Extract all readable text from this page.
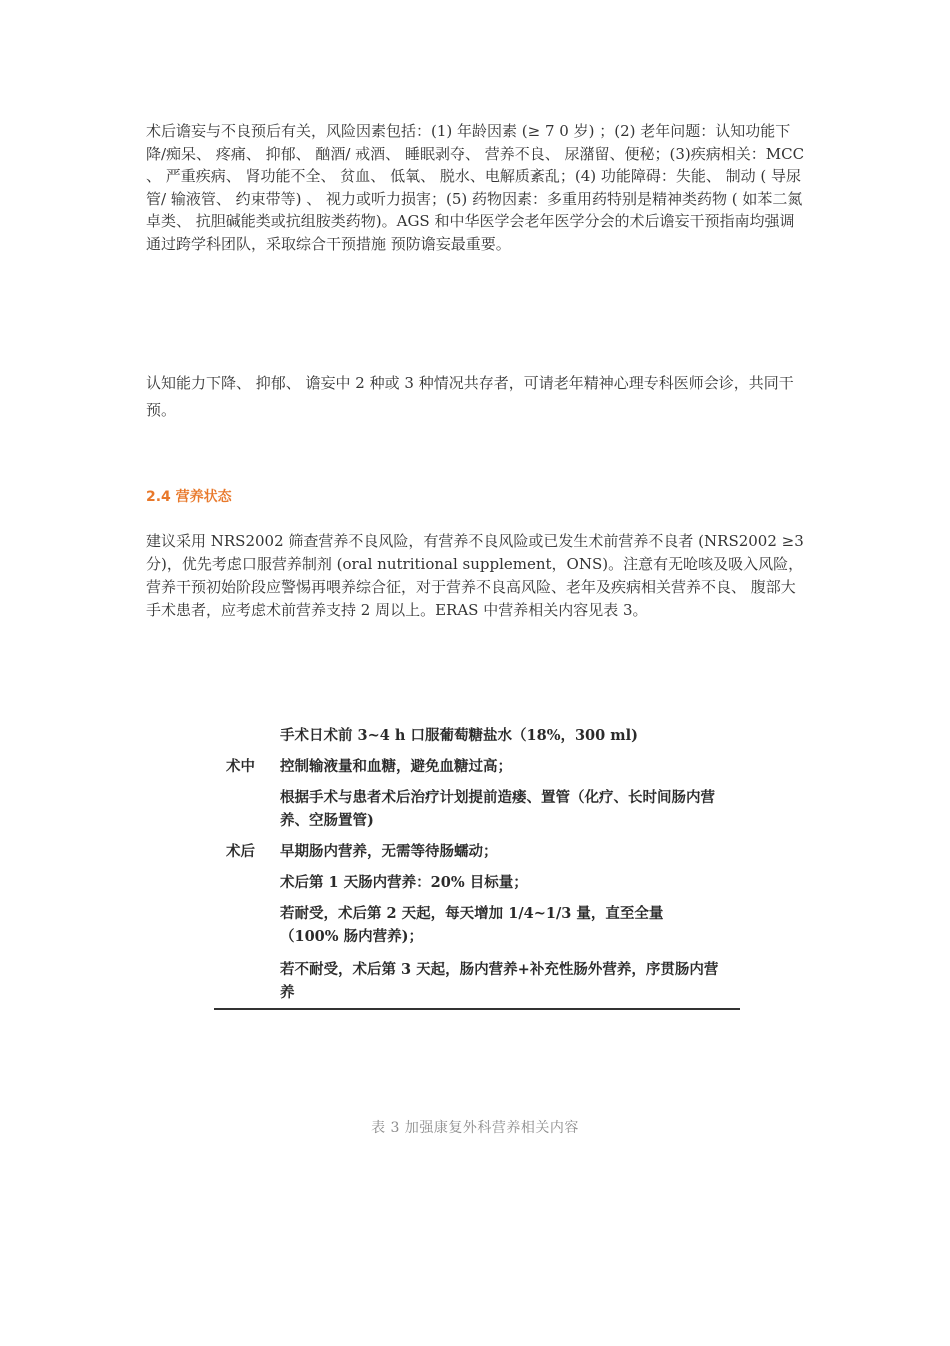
术后谵妄与不良预后有关，风险因素包括：(1) 年龄因素 (≥ 7 0 岁) ；(2) 老年问题：认知功能下降/痴呆、 疼痛、 抑郁、 酗酒/ 戒酒、 睡眠剥夺、 营养不良、 尿潴留、便秘；(3)疾病相关：MCC 、 严重疾病、 肾功能不全、 贫血、 低氧、 脱水、电解质紊乱；(4) 功能障碍：失能、 制动 ( 导尿管/ 输液管、 约束带等) 、 视力或听力损害；(5) 药物因素：多重用药特别是精神类药物 ( 如苯二氮卓类、 抗胆碱能类或抗组胺类药物)。AGS 和中华医学会老年医学分会的术后谵妄干预指南均强调通过跨学科团队，采取综合干预措施 预防谵妄最重要。

认知能力下降、 抑郁、 谵妄中 2 种或 3 种情况共存者，可请老年精神心理专科医师会诊，共同干预。

2.4 营养状态

建议采用 NRS2002 筛查营养不良风险，有营养不良风险或已发生术前营养不良者 (NRS2002 ≥3 分)，优先考虑口服营养制剂 (oral nutritional supplement，ONS)。注意有无呛咳及吸入风险，营养干预初始阶段应警惕再喂养综合征，对于营养不良高风险、老年及疾病相关营养不良、 腹部大手术患者，应考虑术前营养支持 2 周以上。ERAS 中营养相关内容见表 3。

手术日术前 3~4 h 口服葡萄糖盐水（18%，300 ml)
术中 控制输液量和血糖，避免血糖过高；
根据手术与患者术后治疗计划提前造瘘、置管（化疗、长时间肠内营养、空肠置管)
术后 早期肠内营养，无需等待肠蠕动；
术后第 1 天肠内营养：20% 目标量；
若耐受，术后第 2 天起，每天增加 1/4~1/3 量，直至全量（100% 肠内营养)；
若不耐受，术后第 3 天起，肠内营养+补充性肠外营养，序贯肠内营养
表 3 加强康复外科营养相关内容
